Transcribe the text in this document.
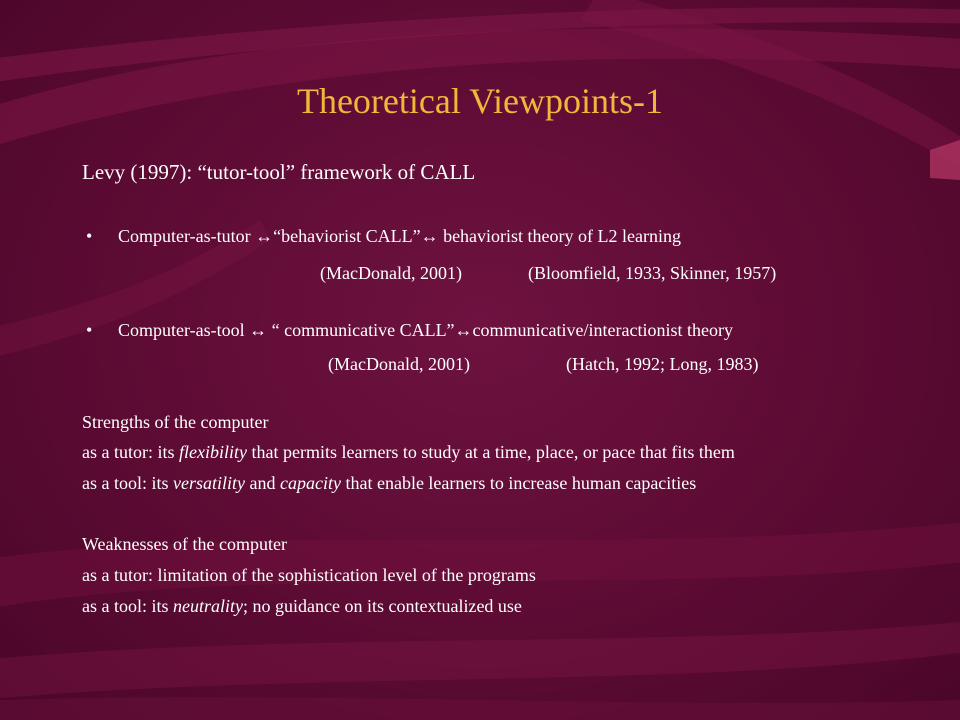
Theoretical Viewpoints-1
Levy (1997): “tutor-tool” framework of CALL
• Computer-as-tutor ↔“behaviorist CALL”↔ behaviorist theory of L2 learning
(MacDonald, 2001)	(Bloomfield, 1933, Skinner, 1957)
• Computer-as-tool ↔ “ communicative CALL”↔communicative/interactionist theory
(MacDonald, 2001)	(Hatch, 1992; Long, 1983)
Strengths of the computer
as a tutor: its flexibility that permits learners to study at a time, place, or pace that fits them
as a tool: its versatility and capacity that enable learners to increase human capacities
Weaknesses of the computer
as a tutor: limitation of the sophistication level of the programs
as a tool: its neutrality; no guidance on its contextualized use
